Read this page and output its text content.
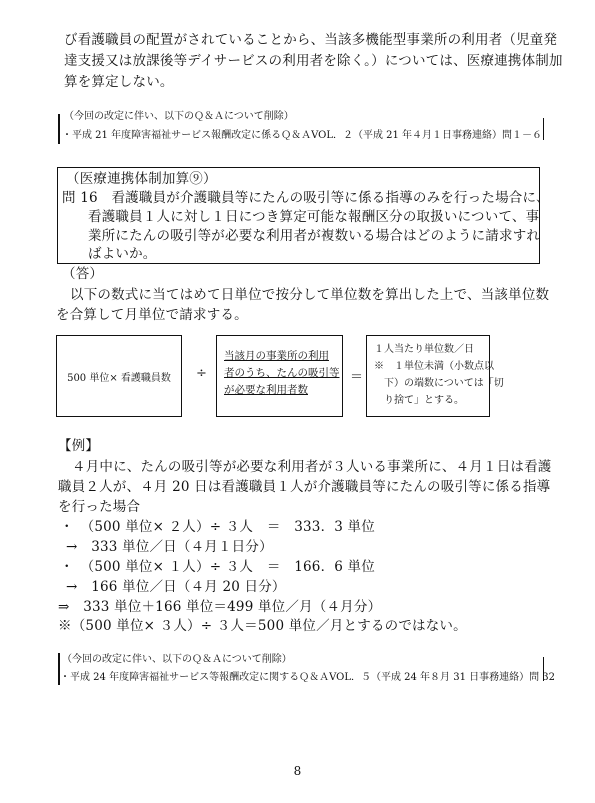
び看護職員の配置がされていることから、当該多機能型事業所の利用者（児童発
達支援又は放課後等デイサービスの利用者を除く。）については、医療連携体制加
算を算定しない。
（今回の改定に伴い、以下のＱ＆Ａについて削除）
・平成 21 年度障害福祉サービス報酬改定に係るＱ＆ＡVOL．２（平成 21 年４月１日事務連絡）問１－６
（医療連携体制加算⑨）
問 16　看護職員が介護職員等にたんの吸引等に係る指導のみを行った場合に、
看護職員１人に対し１日につき算定可能な報酬区分の取扱いについて、事
業所にたんの吸引等が必要な利用者が複数いる場合はどのように請求すれ
ばよいか。
（答）
以下の数式に当てはめて日単位で按分して単位数を算出した上で、当該単位数
を合算して月単位で請求する。
500 単位× 看護職員数 ÷
当該月の事業所の利用
者のうち、たんの吸引等
が必要な利用者数
＝
１人当たり単位数／日
※　１単位未満（小数点以
下）の端数については「切
り捨て」とする。
【例】
４月中に、たんの吸引等が必要な利用者が３人いる事業所に、４月１日は看護
職員２人が、４月 20 日は看護職員１人が介護職員等にたんの吸引等に係る指導
を行った場合
・　（500 単位× ２人）÷ ３人　＝　333．3 単位
→　333 単位／日（４月１日分）
・　（500 単位× １人）÷ ３人　＝　166．6 単位
→　166 単位／日（４月 20 日分）
⇒　333 単位＋166 単位＝499 単位／月（４月分）
※（500 単位× ３人）÷ ３人＝500 単位／月とするのではない。
（今回の改定に伴い、以下のＱ＆Ａについて削除）
・平成 24 年度障害福祉サービス等報酬改定に関するＱ＆ＡVOL．５（平成 24 年８月 31 日事務連絡）問 32
8
